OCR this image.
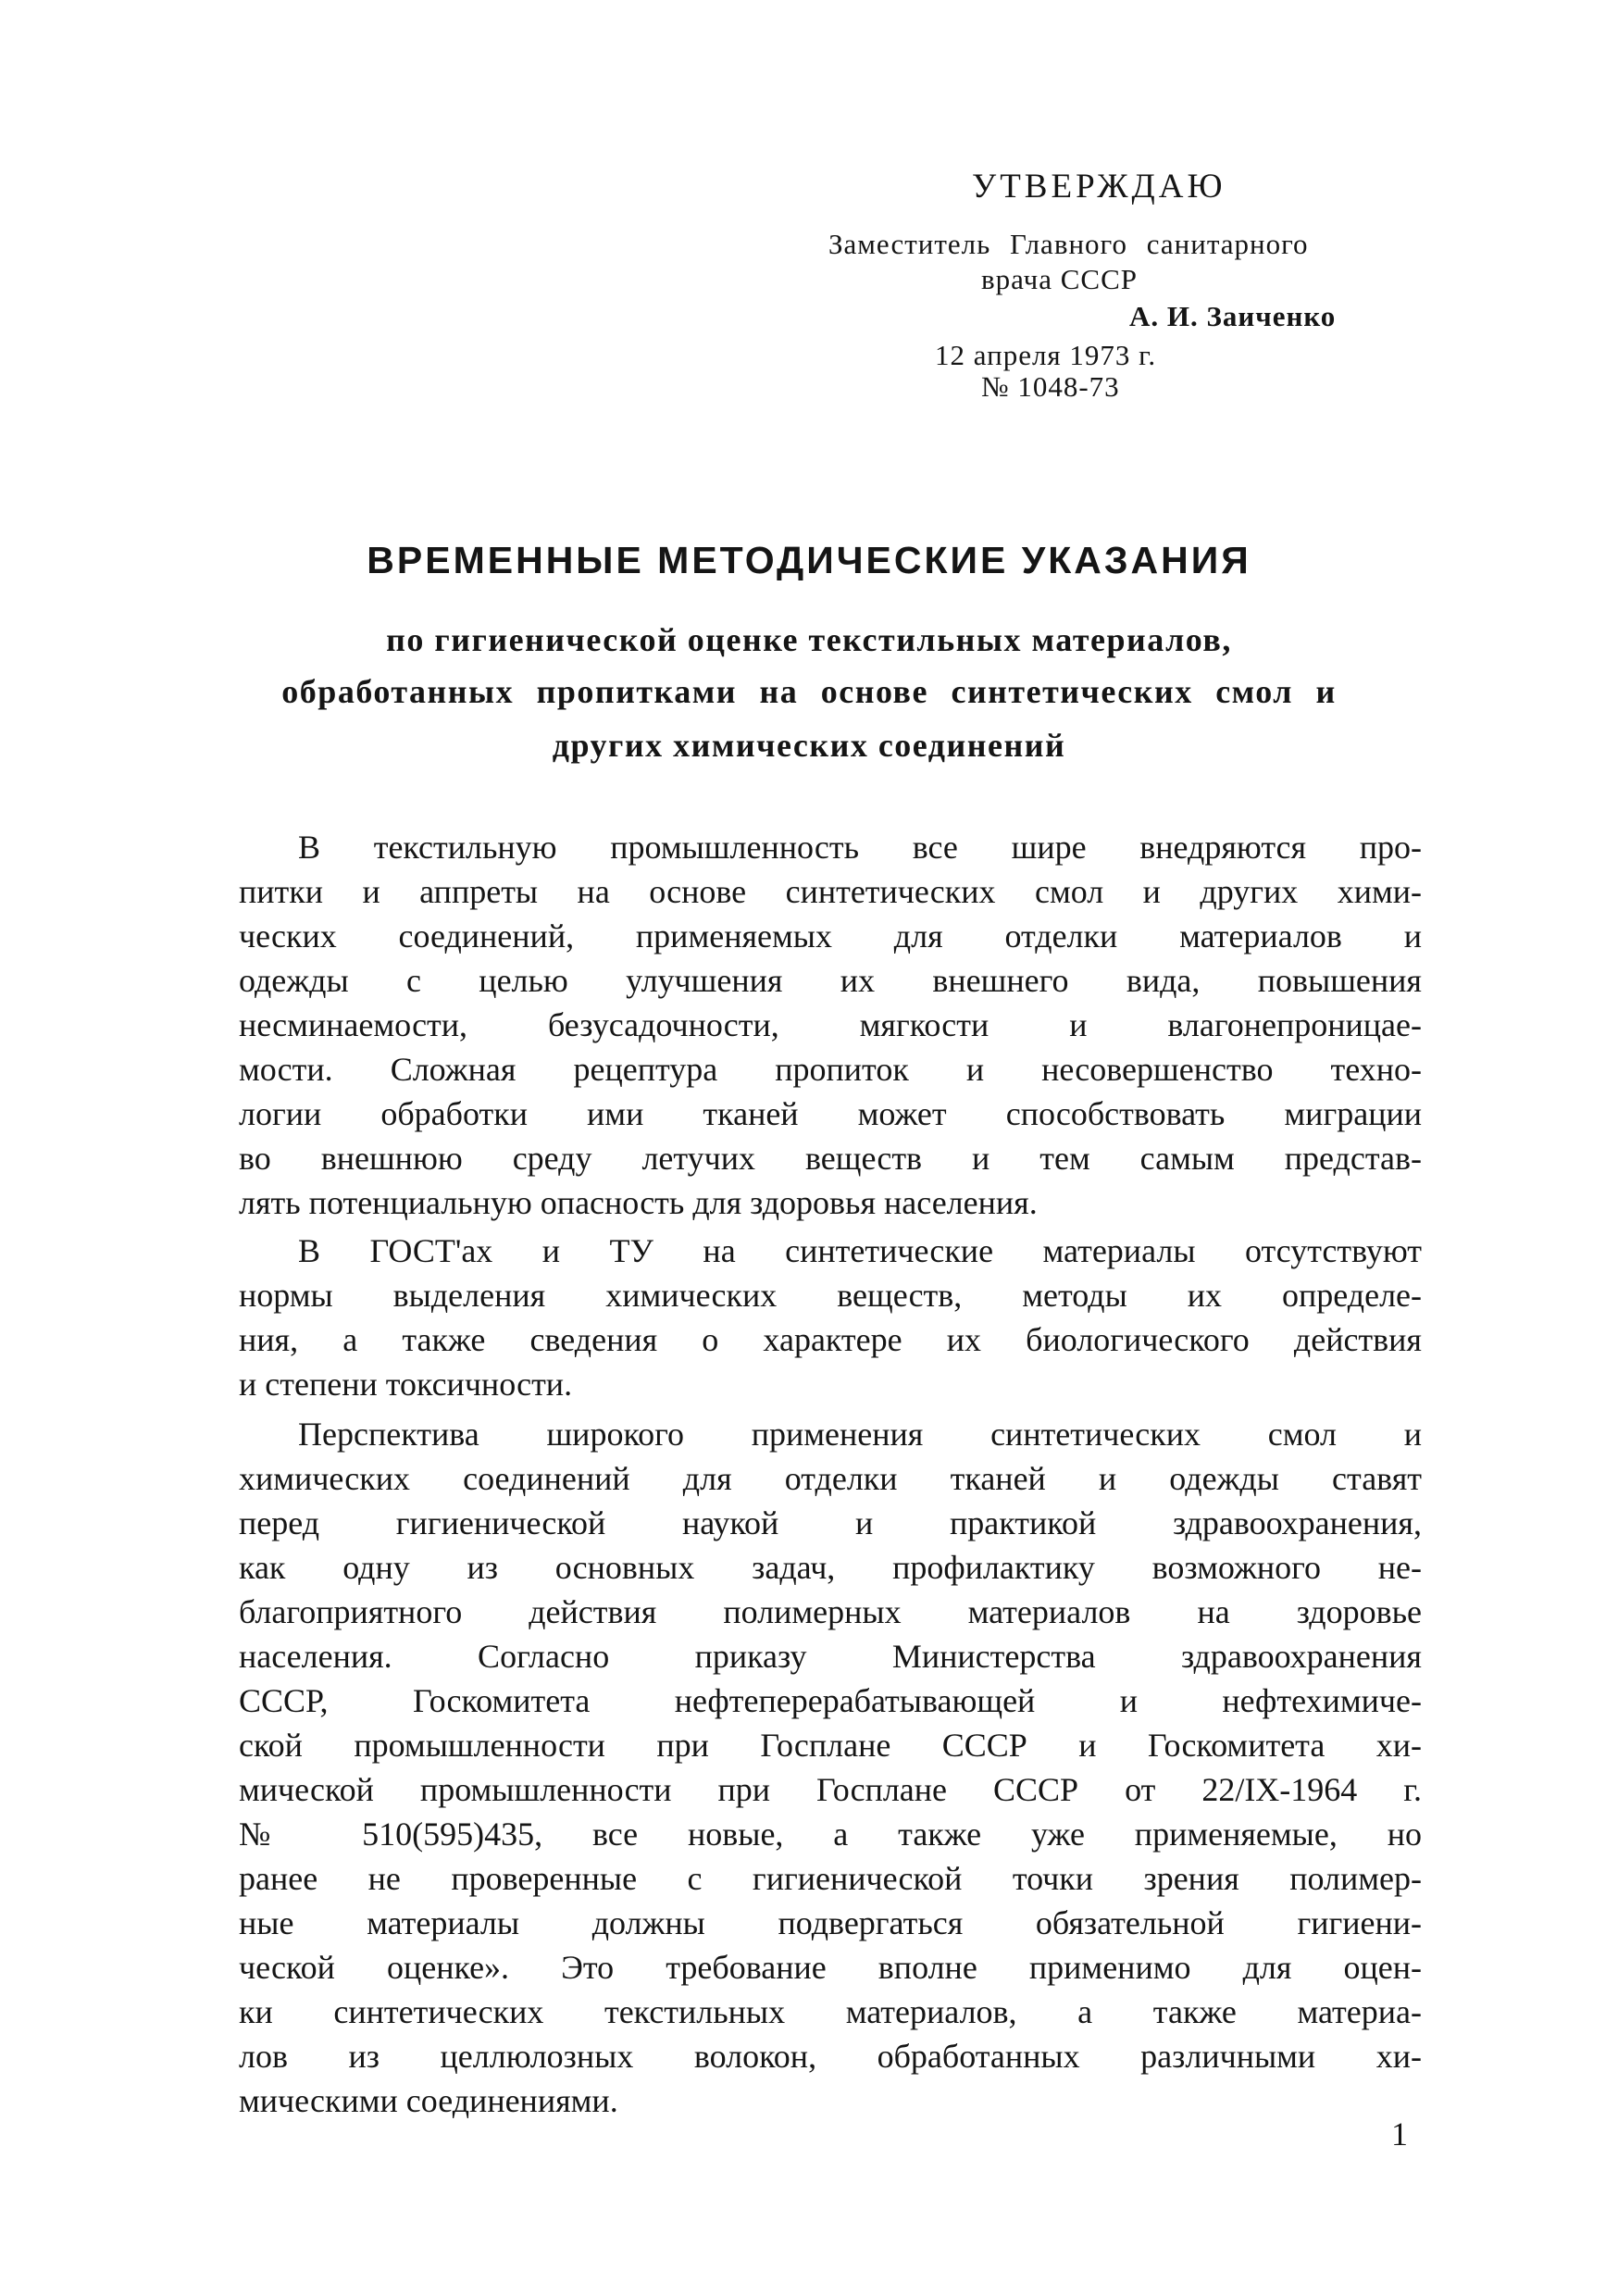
УТВЕРЖДАЮ
Заместитель Главного санитарного
врача СССР
А. И. Заиченко
12 апреля 1973 г.
№ 1048-73
ВРЕМЕННЫЕ МЕТОДИЧЕСКИЕ УКАЗАНИЯ
по гигиенической оценке текстильных материалов,
обработанных пропитками на основе синтетических смол и
других химических соединений
В текстильную промышленность все шире внедряются про-
питки и аппреты на основе синтетических смол и других хими-
ческих соединений, применяемых для отделки материалов и
одежды с целью улучшения их внешнего вида, повышения
несминаемости, безусадочности, мягкости и влагонепроницае-
мости. Сложная рецептура пропиток и несовершенство техно-
логии обработки ими тканей может способствовать миграции
во внешнюю среду летучих веществ и тем самым представ-
лять потенциальную опасность для здоровья населения.
В ГОСТ'ах и ТУ на синтетические материалы отсутствуют
нормы выделения химических веществ, методы их определе-
ния, а также сведения о характере их биологического действия
и степени токсичности.
Перспектива широкого применения синтетических смол и
химических соединений для отделки тканей и одежды ставят
перед гигиенической наукой и практикой здравоохранения,
как одну из основных задач, профилактику возможного не-
благоприятного действия полимерных материалов на здоровье
населения. Согласно приказу Министерства здравоохранения
СССР, Госкомитета нефтеперерабатывающей и нефтехимиче-
ской промышленности при Госплане СССР и Госкомитета хи-
мической промышленности при Госплане СССР от 22/IX-1964 г.
№ 510(595)435, все новые, а также уже применяемые, но
ранее не проверенные с гигиенической точки зрения полимер-
ные материалы должны подвергаться обязательной гигиени-
ческой оценке». Это требование вполне применимо для оцен-
ки синтетических текстильных материалов, а также материа-
лов из целлюлозных волокон, обработанных различными хи-
мическими соединениями.
1
